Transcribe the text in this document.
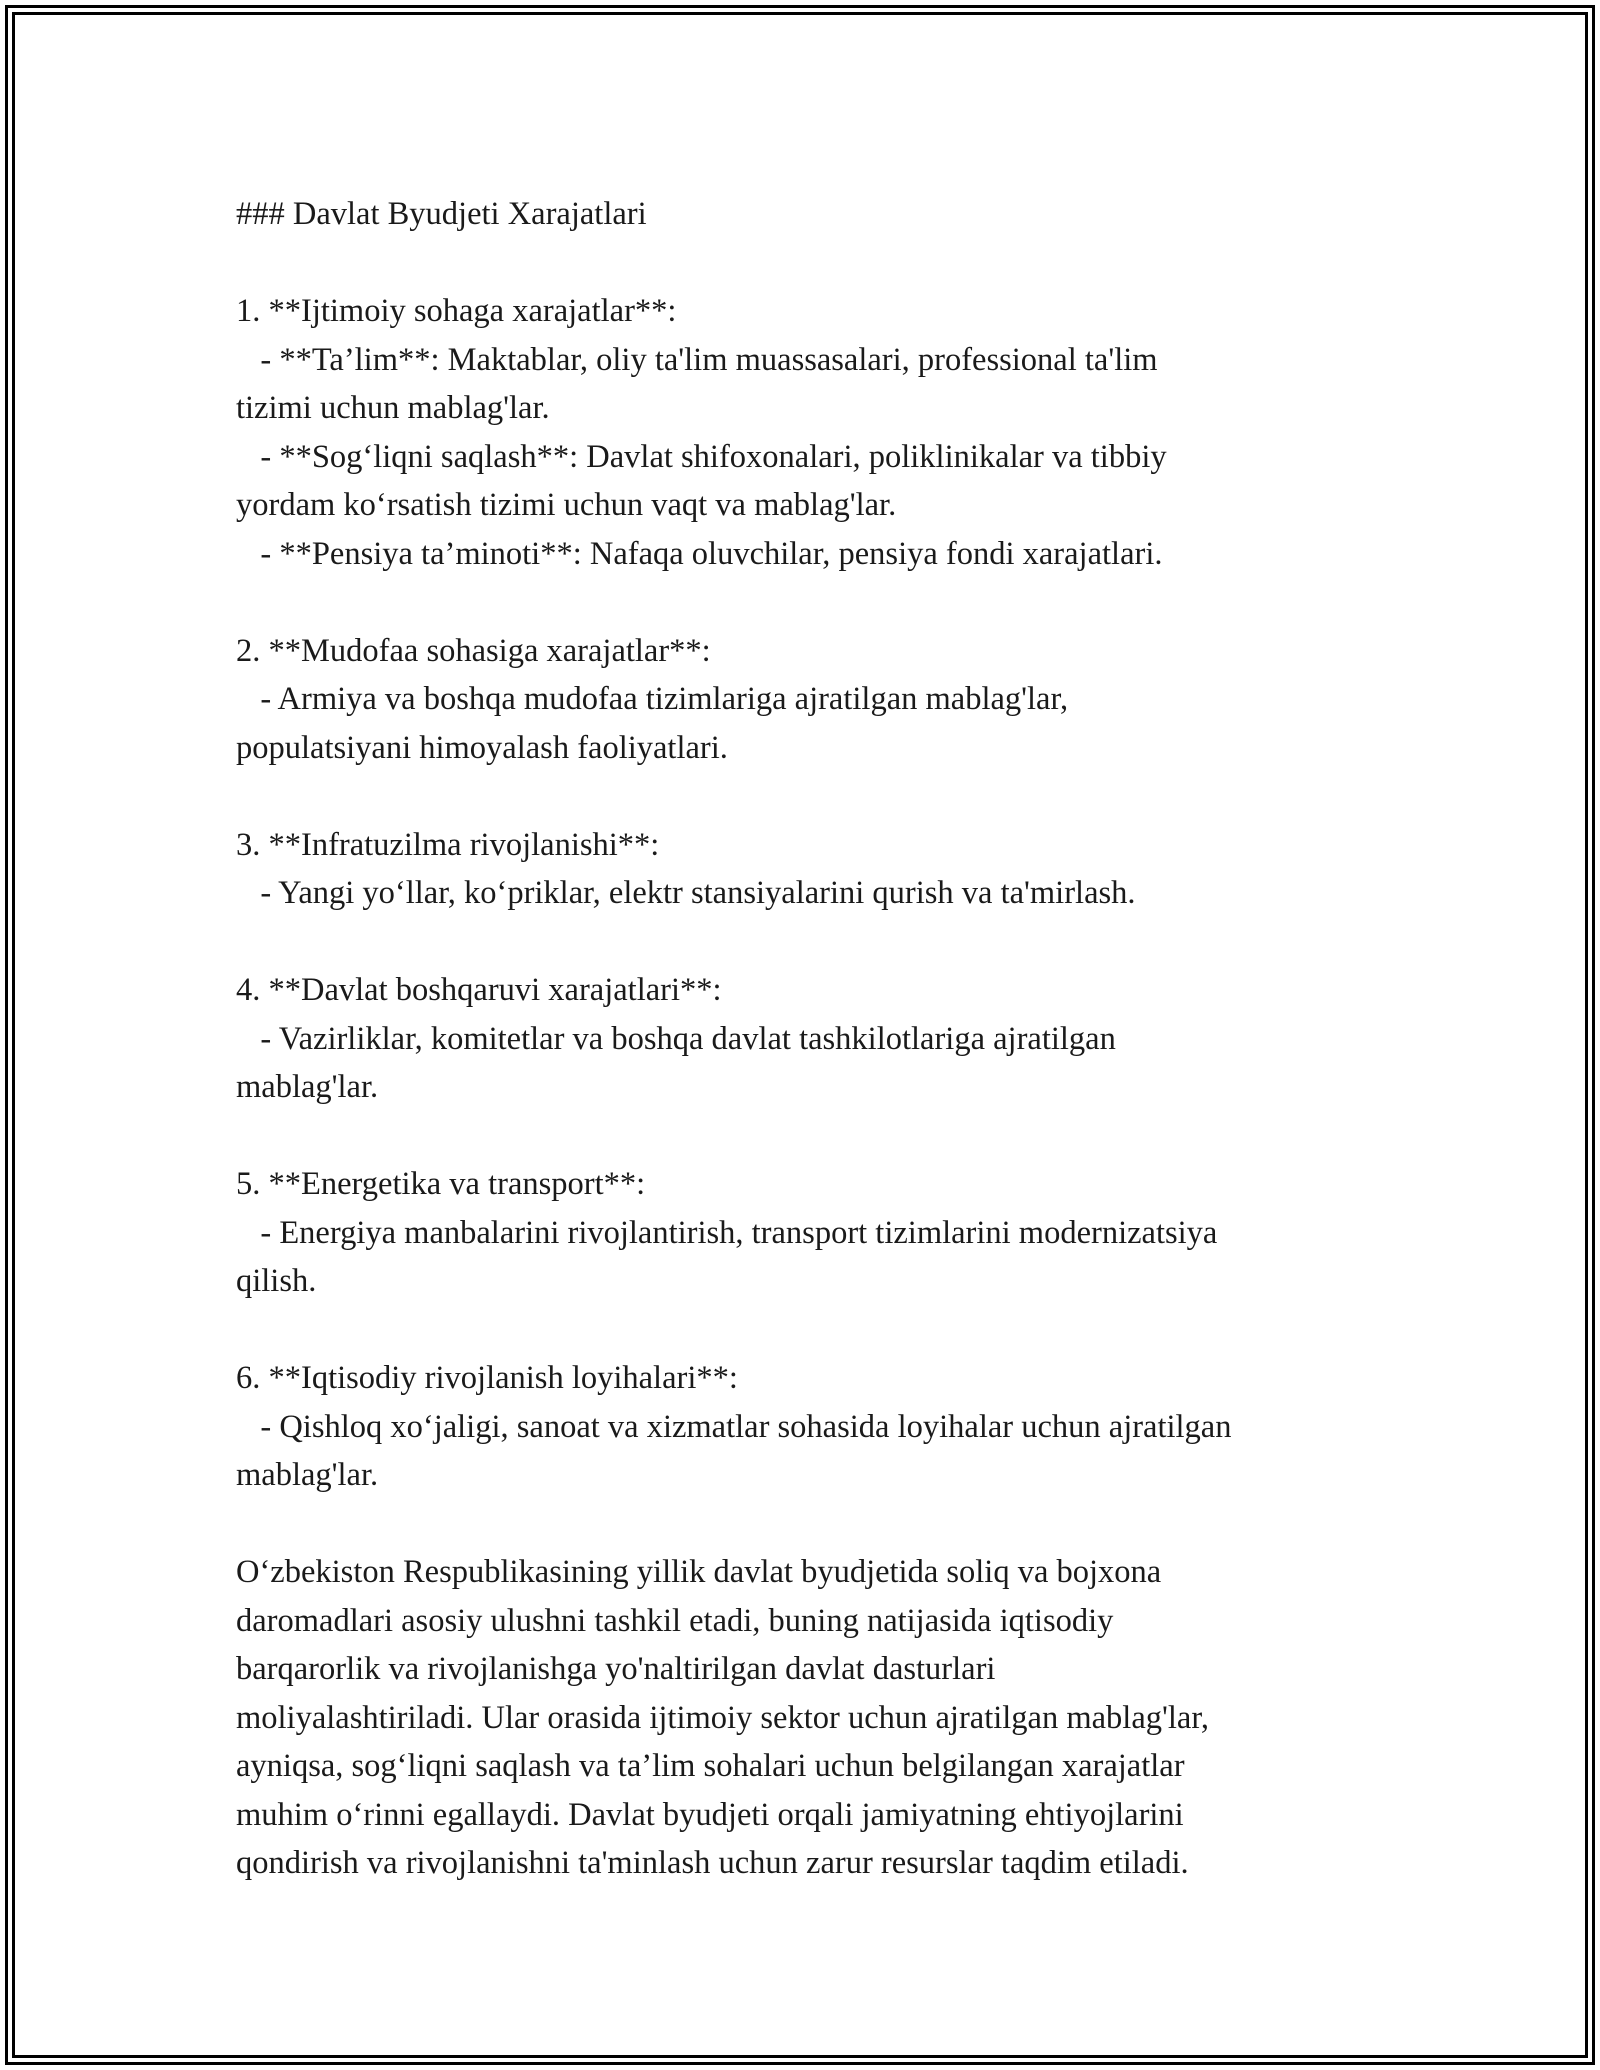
### Davlat Byudjeti Xarajatlari
1. **Ijtimoiy sohaga xarajatlar**:
- **Ta’lim**: Maktablar, oliy ta'lim muassasalari, professional ta'lim
tizimi uchun mablag'lar.
- **Sog‘liqni saqlash**: Davlat shifoxonalari, poliklinikalar va tibbiy
yordam ko‘rsatish tizimi uchun vaqt va mablag'lar.
- **Pensiya ta’minoti**: Nafaqa oluvchilar, pensiya fondi xarajatlari.
2. **Mudofaa sohasiga xarajatlar**:
- Armiya va boshqa mudofaa tizimlariga ajratilgan mablag'lar,
populatsiyani himoyalash faoliyatlari.
3. **Infratuzilma rivojlanishi**:
- Yangi yo‘llar, ko‘priklar, elektr stansiyalarini qurish va ta'mirlash.
4. **Davlat boshqaruvi xarajatlari**:
- Vazirliklar, komitetlar va boshqa davlat tashkilotlariga ajratilgan
mablag'lar.
5. **Energetika va transport**:
- Energiya manbalarini rivojlantirish, transport tizimlarini modernizatsiya
qilish.
6. **Iqtisodiy rivojlanish loyihalari**:
- Qishloq xo‘jaligi, sanoat va xizmatlar sohasida loyihalar uchun ajratilgan
mablag'lar.
O‘zbekiston Respublikasining yillik davlat byudjetida soliq va bojxona
daromadlari asosiy ulushni tashkil etadi, buning natijasida iqtisodiy
barqarorlik va rivojlanishga yo'naltirilgan davlat dasturlari
moliyalashtiriladi. Ular orasida ijtimoiy sektor uchun ajratilgan mablag'lar,
ayniqsa, sog‘liqni saqlash va ta’lim sohalari uchun belgilangan xarajatlar
muhim o‘rinni egallaydi. Davlat byudjeti orqali jamiyatning ehtiyojlarini
qondirish va rivojlanishni ta'minlash uchun zarur resurslar taqdim etiladi.
